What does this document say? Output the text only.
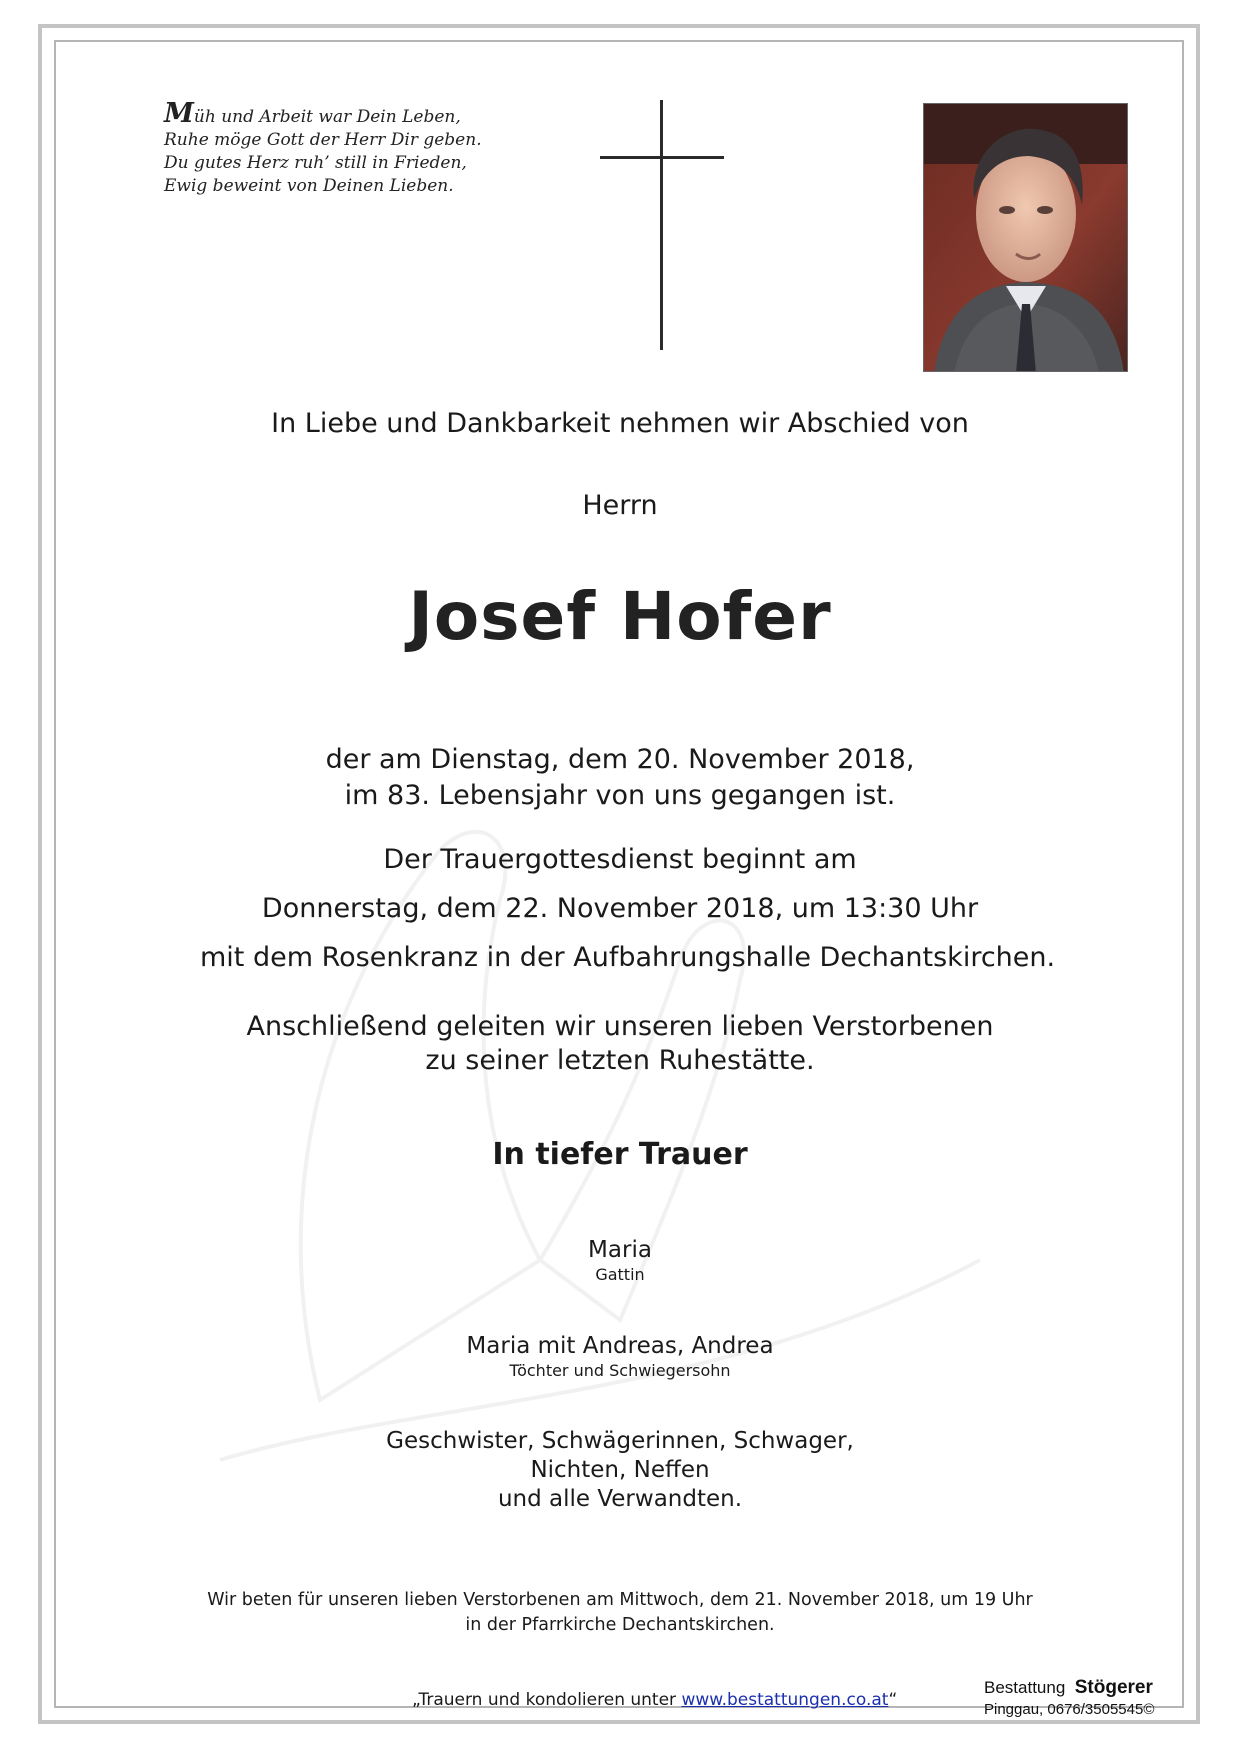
Müh und Arbeit war Dein Leben,
Ruhe möge Gott der Herr Dir geben.
Du gutes Herz ruh’ still in Frieden,
Ewig beweint von Deinen Lieben.
In Liebe und Dankbarkeit nehmen wir Abschied von
Herrn
Josef Hofer
der am Dienstag, dem 20. November 2018,
im 83. Lebensjahr von uns gegangen ist.
Der Trauergottesdienst beginnt am
Donnerstag, dem 22. November 2018, um 13:30 Uhr
mit dem Rosenkranz in der Aufbahrungshalle Dechantskirchen.
Anschließend geleiten wir unseren lieben Verstorbenen
zu seiner letzten Ruhestätte.
In tiefer Trauer
Maria
Gattin
Maria mit Andreas, Andrea
Töchter und Schwiegersohn
Geschwister, Schwägerinnen, Schwager,
Nichten, Neffen
und alle Verwandten.
Wir beten für unseren lieben Verstorbenen am Mittwoch, dem 21. November 2018, um 19 Uhr
in der Pfarrkirche Dechantskirchen.
„Trauern und kondolieren unter www.bestattungen.co.at“
Bestattung Stögerer
Pinggau, 0676/3505545©
